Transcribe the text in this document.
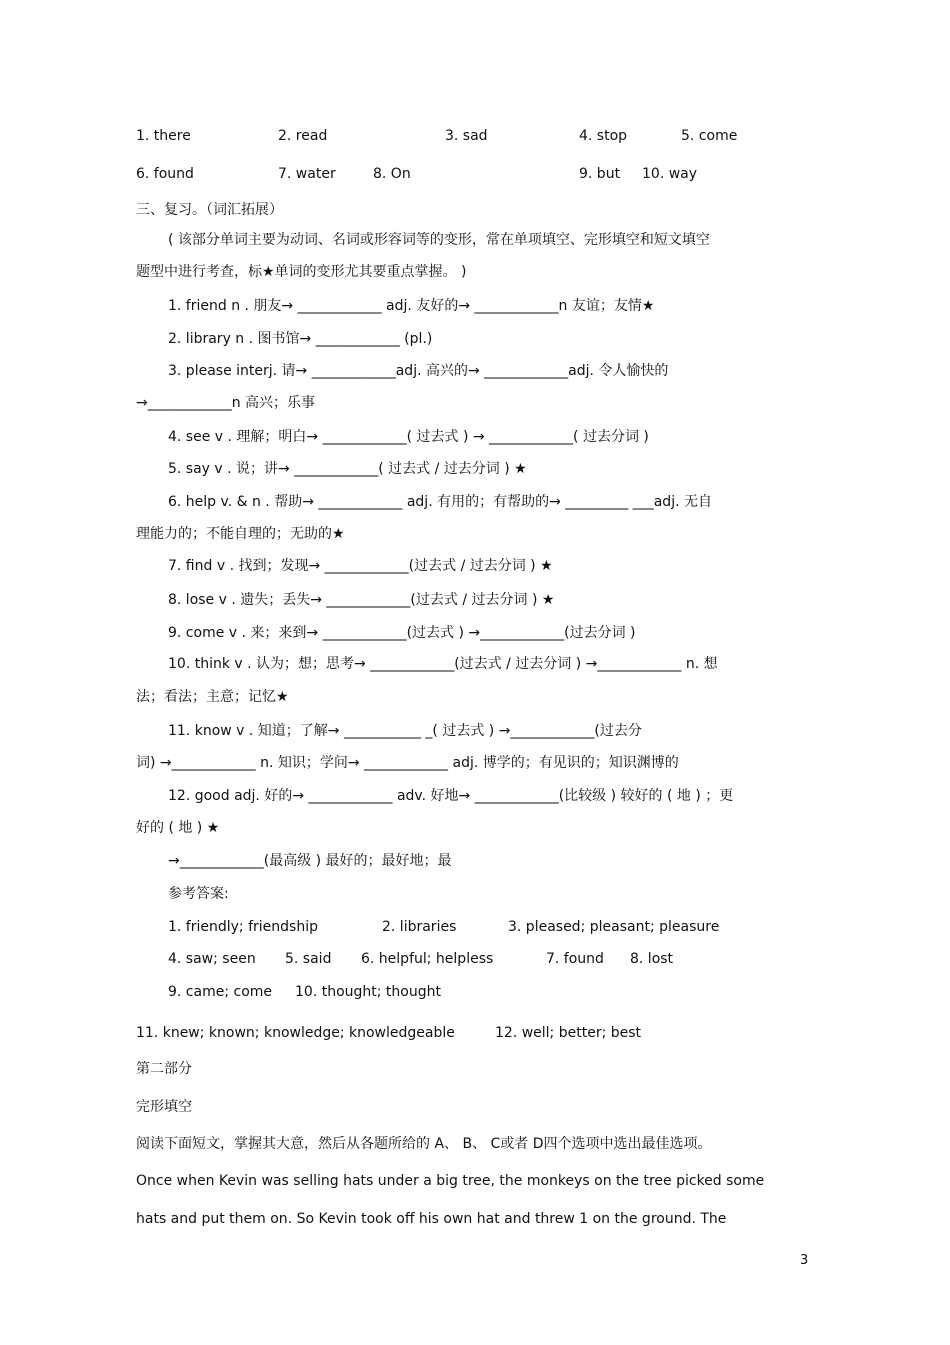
1. there	2. read	3. sad	4. stop	5. come
6. found	7. water	8. On	9. but 10. way
三、复习。（词汇拓展）
( 该部分单词主要为动词、名词或形容词等的变形，常在单项填空、完形填空和短文填空
题型中进行考查，标★单词的变形尤其要重点掌握。 )
1. friend n . 朋友→ ____________ adj. 友好的→ ____________n 友谊；友情★
2. library n . 图书馆→ ____________ (pl.)
3. please interj. 请→ ____________adj. 高兴的→ ____________adj. 令人愉快的
→____________n 高兴；乐事
4. see v . 理解；明白→ ____________( 过去式 ) → ____________( 过去分词 )
5. say v . 说；讲→ ____________( 过去式 / 过去分词 ) ★
6. help v. & n . 帮助→ ____________ adj. 有用的；有帮助的→ _________ ___adj. 无自
理能力的；不能自理的；无助的★
7. find v . 找到；发现→ ____________(过去式 / 过去分词 ) ★
8. lose v . 遗失；丢失→ ____________(过去式 / 过去分词 ) ★
9. come v . 来；来到→ ____________(过去式 ) →____________(过去分词 )
10. think v . 认为；想；思考→ ____________(过去式 / 过去分词 ) →____________ n. 想
法；看法；主意；记忆★
11. know v . 知道；了解→ ___________ _( 过去式 ) →____________(过去分
词) →____________ n. 知识；学问→ ____________ adj. 博学的；有见识的；知识渊博的
12. good adj. 好的→ ____________ adv. 好地→ ____________(比较级 ) 较好的 ( 地 ) ；更
好的 ( 地 ) ★
→____________(最高级 ) 最好的；最好地；最
参考答案:
1. friendly; friendship	2. libraries	3. pleased; pleasant; pleasure
4. saw; seen 5. said 6. helpful; helpless	7. found 8. lost
9. came; come 10. thought; thought
11. knew; known; knowledge; knowledgeable	12. well; better; best
第二部分
完形填空
阅读下面短文，掌握其大意，然后从各题所给的 A、 B、 C或者 D四个选项中选出最佳选项。
Once when Kevin was selling hats under a big tree, the monkeys on the tree picked some
hats and put them on. So Kevin took off his own hat and threw 1 on the ground. The
3
